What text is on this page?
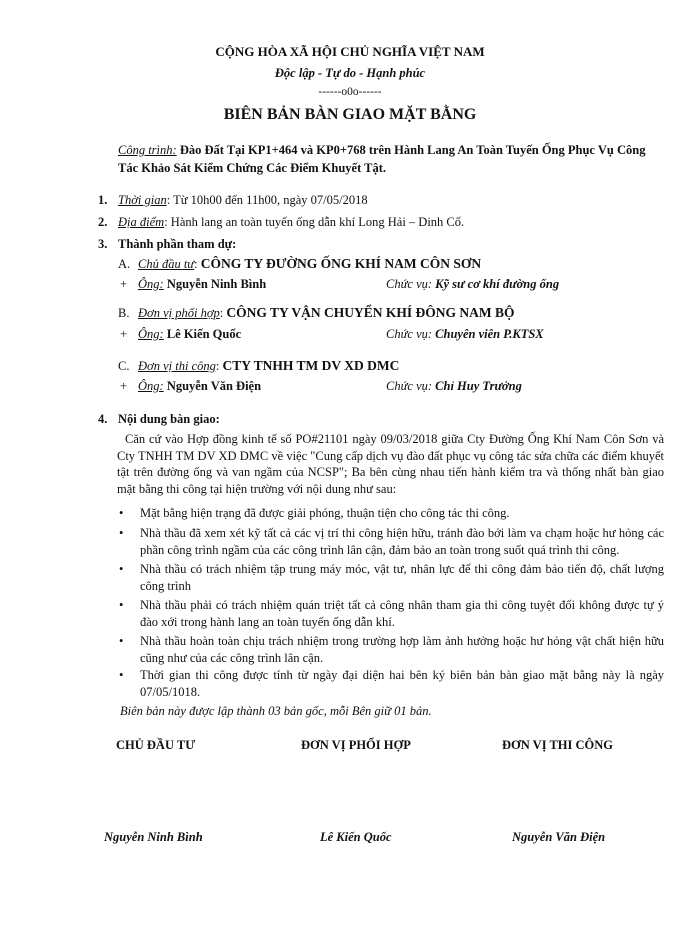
CỘNG HÒA XÃ HỘI CHỦ NGHĨA VIỆT NAM
Độc lập - Tự do - Hạnh phúc
------o0o------
BIÊN BẢN BÀN GIAO MẶT BẰNG
Công trình: Đào Đất Tại KP1+464 và KP0+768 trên Hành Lang An Toàn Tuyến Ống Phục Vụ Công
Tác Khảo Sát Kiểm Chứng Các Điểm Khuyết Tật.
1. Thời gian: Từ 10h00 đến 11h00, ngày 07/05/2018
2. Địa điểm: Hành lang an toàn tuyến ống dẫn khí Long Hải – Dinh Cố.
3. Thành phần tham dự:
A. Chủ đầu tư: CÔNG TY ĐƯỜNG ỐNG KHÍ NAM CÔN SƠN
+ Ông: Nguyễn Ninh Bình	Chức vụ: Kỹ sư cơ khí đường ống
B. Đơn vị phối hợp: CÔNG TY VẬN CHUYỂN KHÍ ĐÔNG NAM BỘ
+ Ông: Lê Kiến Quốc	Chức vụ: Chuyên viên P.KTSX
C. Đơn vị thi công: CTY TNHH TM DV XD DMC
+ Ông: Nguyễn Văn Điện	Chức vụ: Chỉ Huy Trưởng
4. Nội dung bàn giao:
Căn cứ vào Hợp đồng kinh tế số PO#21101 ngày 09/03/2018 giữa Cty Đường Ống Khí Nam Côn Sơn và Cty TNHH TM DV XD DMC về việc "Cung cấp dịch vụ đào đất phục vụ công tác sửa chữa các điểm khuyết tật trên đường ống và van ngầm của NCSP"; Ba bên cùng nhau tiến hành kiểm tra và thống nhất bàn giao mặt bằng thi công tại hiện trường với nội dung như sau:
• Mặt bằng hiện trạng đã được giải phóng, thuận tiện cho công tác thi công.
• Nhà thầu đã xem xét kỹ tất cả các vị trí thi công hiện hữu, tránh đào bới làm va chạm hoặc hư hỏng các phần công trình ngầm của các công trình lân cận, đảm bảo an toàn trong suốt quá trình thi công.
• Nhà thầu có trách nhiệm tập trung máy móc, vật tư, nhân lực để thi công đảm bảo tiến độ, chất lượng công trình
• Nhà thầu phải có trách nhiệm quán triệt tất cả công nhân tham gia thi công tuyệt đối không được tự ý đào xới trong hành lang an toàn tuyến ống dẫn khí.
• Nhà thầu hoàn toàn chịu trách nhiệm trong trường hợp làm ảnh hưởng hoặc hư hỏng vật chất hiện hữu cũng như của các công trình lân cận.
• Thời gian thi công được tính từ ngày đại diện hai bên ký biên bản bàn giao mặt bằng này là ngày 07/05/1018.
Biên bản này được lập thành 03 bản gốc, mỗi Bên giữ 01 bản.
CHỦ ĐẦU TƯ	ĐƠN VỊ PHỐI HỢP	ĐƠN VỊ THI CÔNG
Nguyễn Ninh Bình	Lê Kiến Quốc	Nguyễn Văn Điện
